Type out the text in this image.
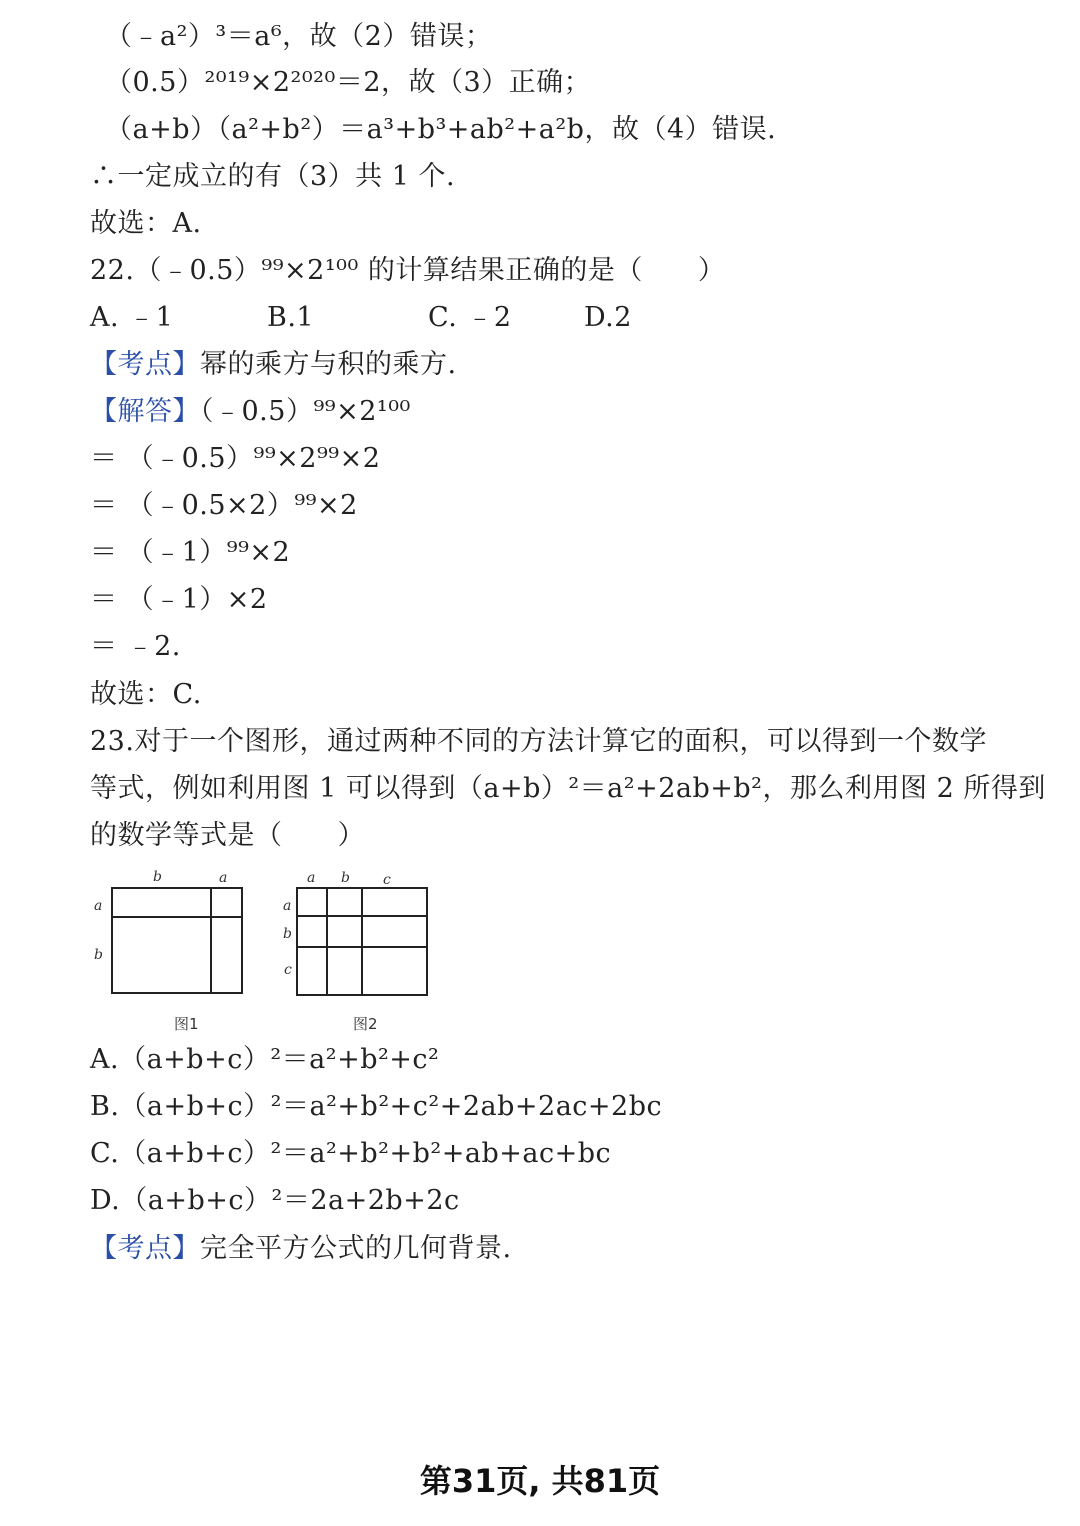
（﹣a²）³＝a⁶，故（2）错误；
（0.5）²⁰¹⁹×2²⁰²⁰＝2，故（3）正确；
（a+b）（a²+b²）＝a³+b³+ab²+a²b，故（4）错误.
∴一定成立的有（3）共 1 个.
故选：A.
22.（﹣0.5）⁹⁹×2¹⁰⁰ 的计算结果正确的是（　　）
A. ﹣1	B.1	C. ﹣2	D.2
【考点】幂的乘方与积的乘方.
【解答】（﹣0.5）⁹⁹×2¹⁰⁰
＝ （﹣0.5）⁹⁹×2⁹⁹×2
＝ （﹣0.5×2）⁹⁹×2
＝ （﹣1）⁹⁹×2
＝ （﹣1）×2
＝ ﹣2.
故选：C.
23.对于一个图形，通过两种不同的方法计算它的面积，可以得到一个数学
等式，例如利用图 1 可以得到（a+b）²＝a²+2ab+b²，那么利用图 2 所得到
的数学等式是（　　）
b	a
a
b
图1
a b c
a
b
c
图2
A.（a+b+c）²＝a²+b²+c²
B.（a+b+c）²＝a²+b²+c²+2ab+2ac+2bc
C.（a+b+c）²＝a²+b²+b²+ab+ac+bc
D.（a+b+c）²＝2a+2b+2c
【考点】完全平方公式的几何背景.
第31页, 共81页
